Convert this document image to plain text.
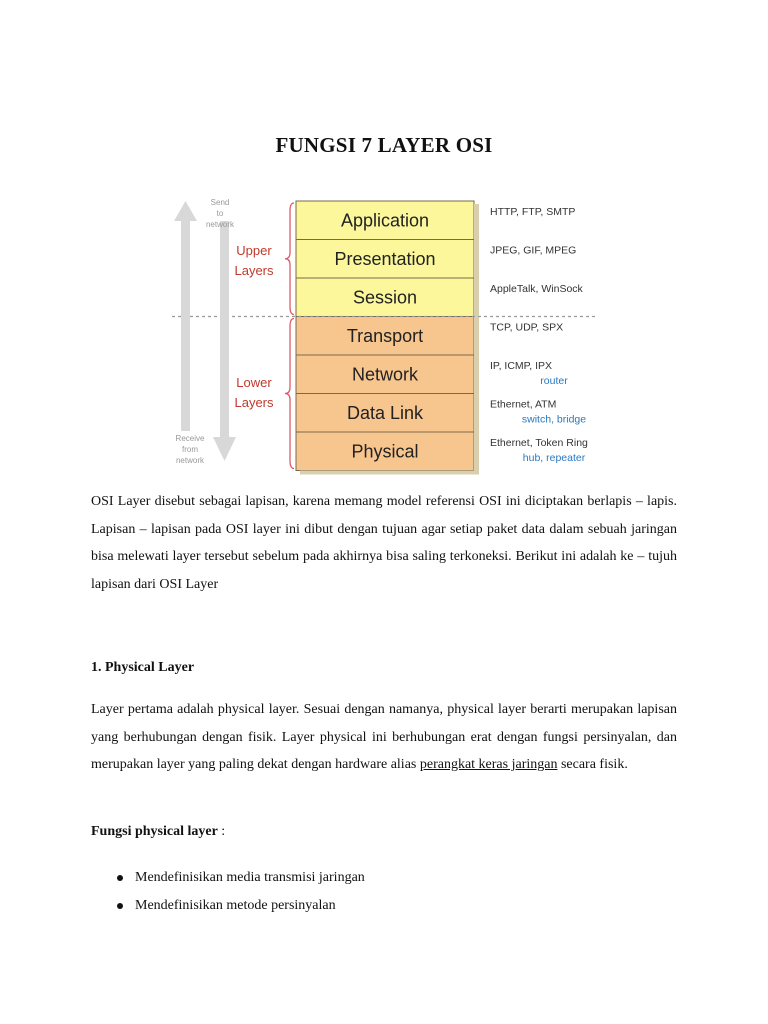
FUNGSI 7 LAYER OSI
Application	HTTP, FTP, SMTP
Presentation	JPEG, GIF, MPEG
Session	AppleTalk, WinSock
Transport	TCP, UDP, SPX
Network	IP, ICMP, IPX
router
Data Link	Ethernet, ATM
switch, bridge
Physical	Ethernet, Token Ring
hub, repeater
Upper
Layers
Lower
Layers
Send
to
network
Receive
from
network
OSI Layer disebut sebagai lapisan, karena memang model referensi OSI ini diciptakan berlapis – lapis. Lapisan – lapisan pada OSI layer ini dibut dengan tujuan agar setiap paket data dalam sebuah jaringan bisa melewati layer tersebut sebelum pada akhirnya bisa saling terkoneksi. Berikut ini adalah ke – tujuh lapisan dari OSI Layer
1. Physical Layer
Layer pertama adalah physical layer. Sesuai dengan namanya, physical layer berarti merupakan lapisan yang berhubungan dengan fisik. Layer physical ini berhubungan erat dengan fungsi persinyalan, dan merupakan layer yang paling dekat dengan hardware alias perangkat keras jaringan secara fisik.
Fungsi physical layer :
Mendefinisikan media transmisi jaringan
Mendefinisikan metode persinyalan
